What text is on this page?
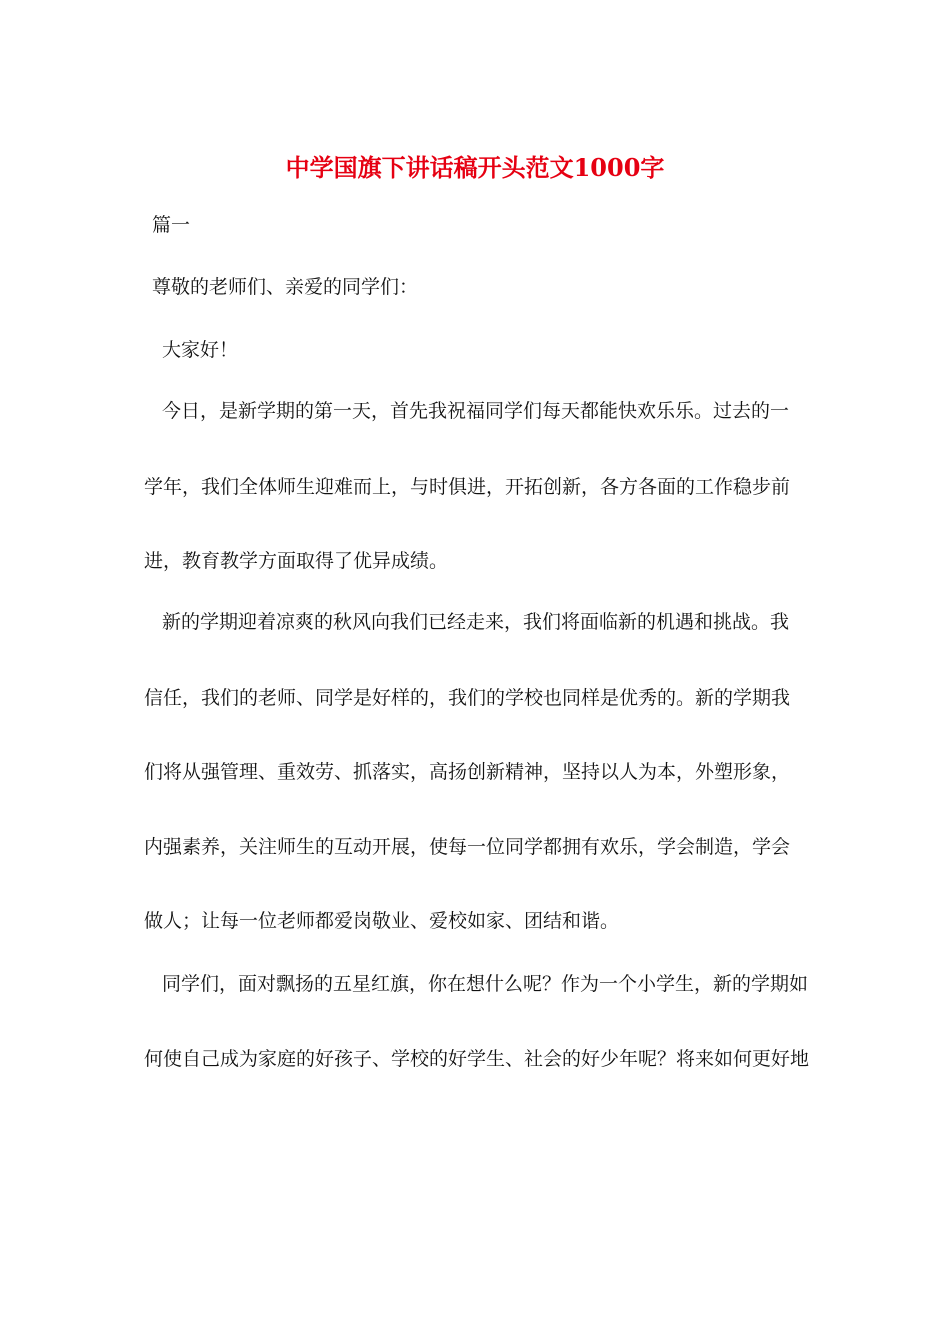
中学国旗下讲话稿开头范文1000字

篇一

尊敬的老师们、亲爱的同学们：

大家好！

今日，是新学期的第一天，首先我祝福同学们每天都能快欢乐乐。过去的一

学年，我们全体师生迎难而上，与时俱进，开拓创新，各方各面的工作稳步前

进，教育教学方面取得了优异成绩。

新的学期迎着凉爽的秋风向我们已经走来，我们将面临新的机遇和挑战。我

信任，我们的老师、同学是好样的，我们的学校也同样是优秀的。新的学期我

们将从强管理、重效劳、抓落实，高扬创新精神，坚持以人为本，外塑形象，

内强素养，关注师生的互动开展，使每一位同学都拥有欢乐，学会制造，学会

做人；让每一位老师都爱岗敬业、爱校如家、团结和谐。

同学们，面对飘扬的五星红旗，你在想什么呢？作为一个小学生，新的学期如

何使自己成为家庭的好孩子、学校的好学生、社会的好少年呢？将来如何更好地
